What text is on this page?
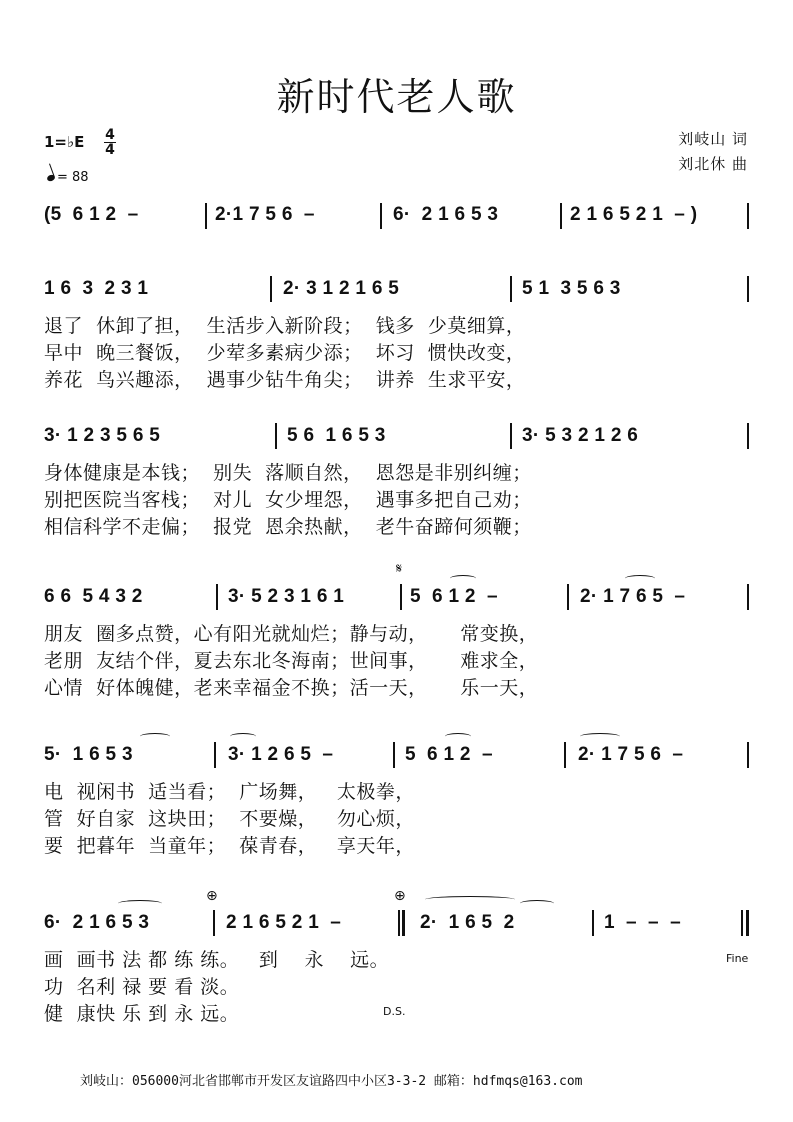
新时代老人歌
1=♭E 4
4
= 88
刘岐山 词
刘北休 曲
(5  6 1 2  –	2·1 7 5 6  –	6·  2 1 6 5 3	2 1 6 5 2 1  – )
1 6  3  2 3 1	2· 3 1 2 1 6 5	5 1  3 5 6 3
退了  休卸了担，  生活步入新阶段；  钱多  少莫细算，
早中  晚三餐饭，  少荤多素病少添；  坏习  惯快改变，
养花  鸟兴趣添，  遇事少钻牛角尖；  讲养  生求平安，
3· 1 2 3 5 6 5	5 6  1 6 5 3	3· 5 3 2 1 2 6
身体健康是本钱；  别失  落顺自然，  恩怨是非别纠缠；
别把医院当客栈；  对儿  女少埋怨，  遇事多把自己劝；
相信科学不走偏；  报党  恩余热献，  老牛奋蹄何须鞭；
𝄋
6 6  5 4 3 2	3· 5 2 3 1 6 1	5  6 1 2  –	2· 1 7 6 5  –
朋友  圈多点赞，心有阳光就灿烂；静与动，     常变换，
老朋  友结个伴，夏去东北冬海南；世间事，     难求全，
心情  好体魄健，老来幸福金不换；活一天，     乐一天，
5·  1 6 5 3	3· 1 2 6 5  –	5  6 1 2  –	2· 1 7 5 6  –
电  视闲书  适当看；  广场舞，   太极拳，
管  好自家  这块田；  不要燥，   勿心烦，
要  把暮年  当童年；  葆青春，   享天年，
⊕	⊕
6·  2 1 6 5 3	2 1 6 5 2 1  –	2·  1 6 5  2	1  –  –  –
画  画书 法 都 练 练。   到    永    远。	Fine
功  名利 禄 要 看 淡。
健  康快 乐 到 永 远。	D.S.
刘岐山：056000河北省邯郸市开发区友谊路四中小区3-3-2 邮箱：hdfmqs@163.com
